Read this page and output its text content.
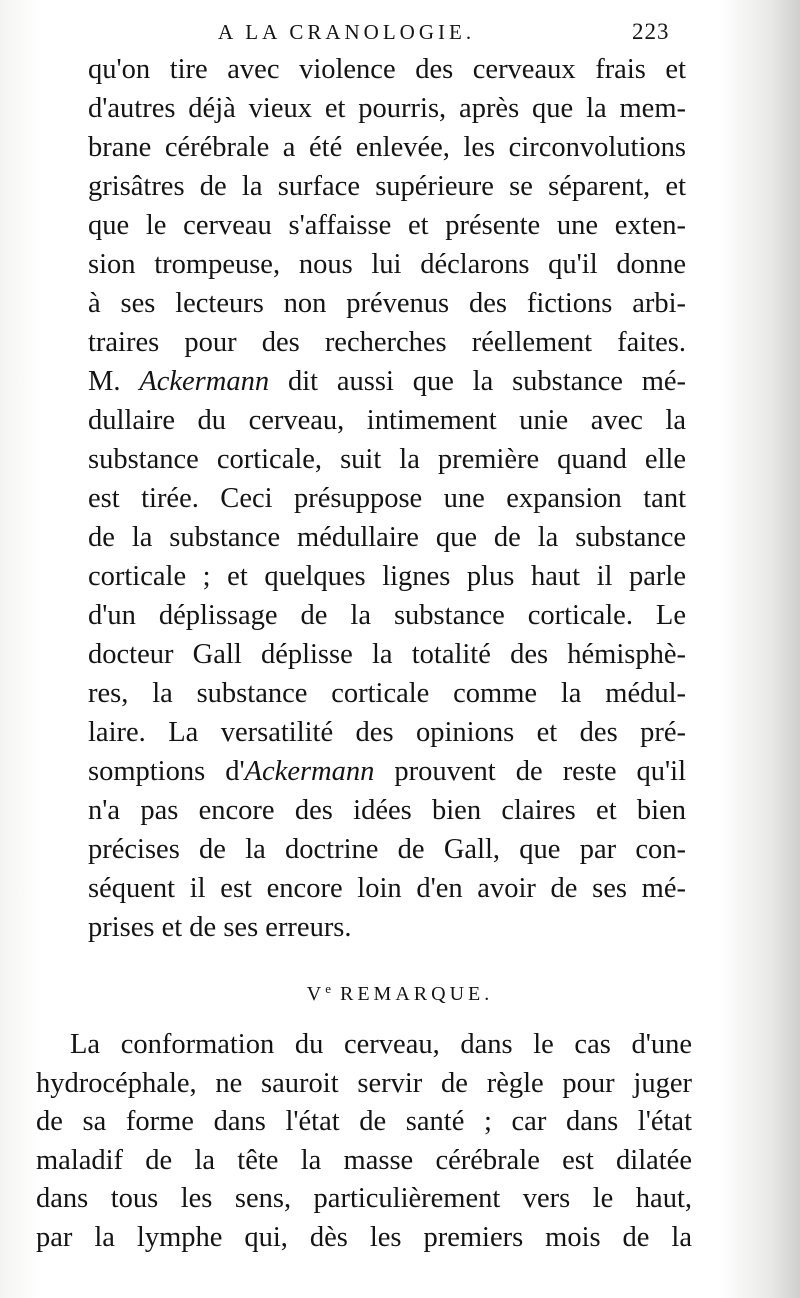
A LA CRANOLOGIE.	223
qu'on tire avec violence des cerveaux frais et
d'autres déjà vieux et pourris, après que la mem-
brane cérébrale a été enlevée, les circonvolutions
grisâtres de la surface supérieure se séparent, et
que le cerveau s'affaisse et présente une exten-
sion trompeuse, nous lui déclarons qu'il donne
à ses lecteurs non prévenus des fictions arbi-
traires pour des recherches réellement faites.
M. Ackermann dit aussi que la substance mé-
dullaire du cerveau, intimement unie avec la
substance corticale, suit la première quand elle
est tirée. Ceci présuppose une expansion tant
de la substance médullaire que de la substance
corticale ; et quelques lignes plus haut il parle
d'un déplissage de la substance corticale. Le
docteur Gall déplisse la totalité des hémisphè-
res, la substance corticale comme la médul-
laire. La versatilité des opinions et des pré-
somptions d'Ackermann prouvent de reste qu'il
n'a pas encore des idées bien claires et bien
précises de la doctrine de Gall, que par con-
séquent il est encore loin d'en avoir de ses mé-
prises et de ses erreurs.
Ve REMARQUE.
La conformation du cerveau, dans le cas d'une
hydrocéphale, ne sauroit servir de règle pour juger
de sa forme dans l'état de santé ; car dans l'état
maladif de la tête la masse cérébrale est dilatée
dans tous les sens, particulièrement vers le haut,
par la lymphe qui, dès les premiers mois de la
